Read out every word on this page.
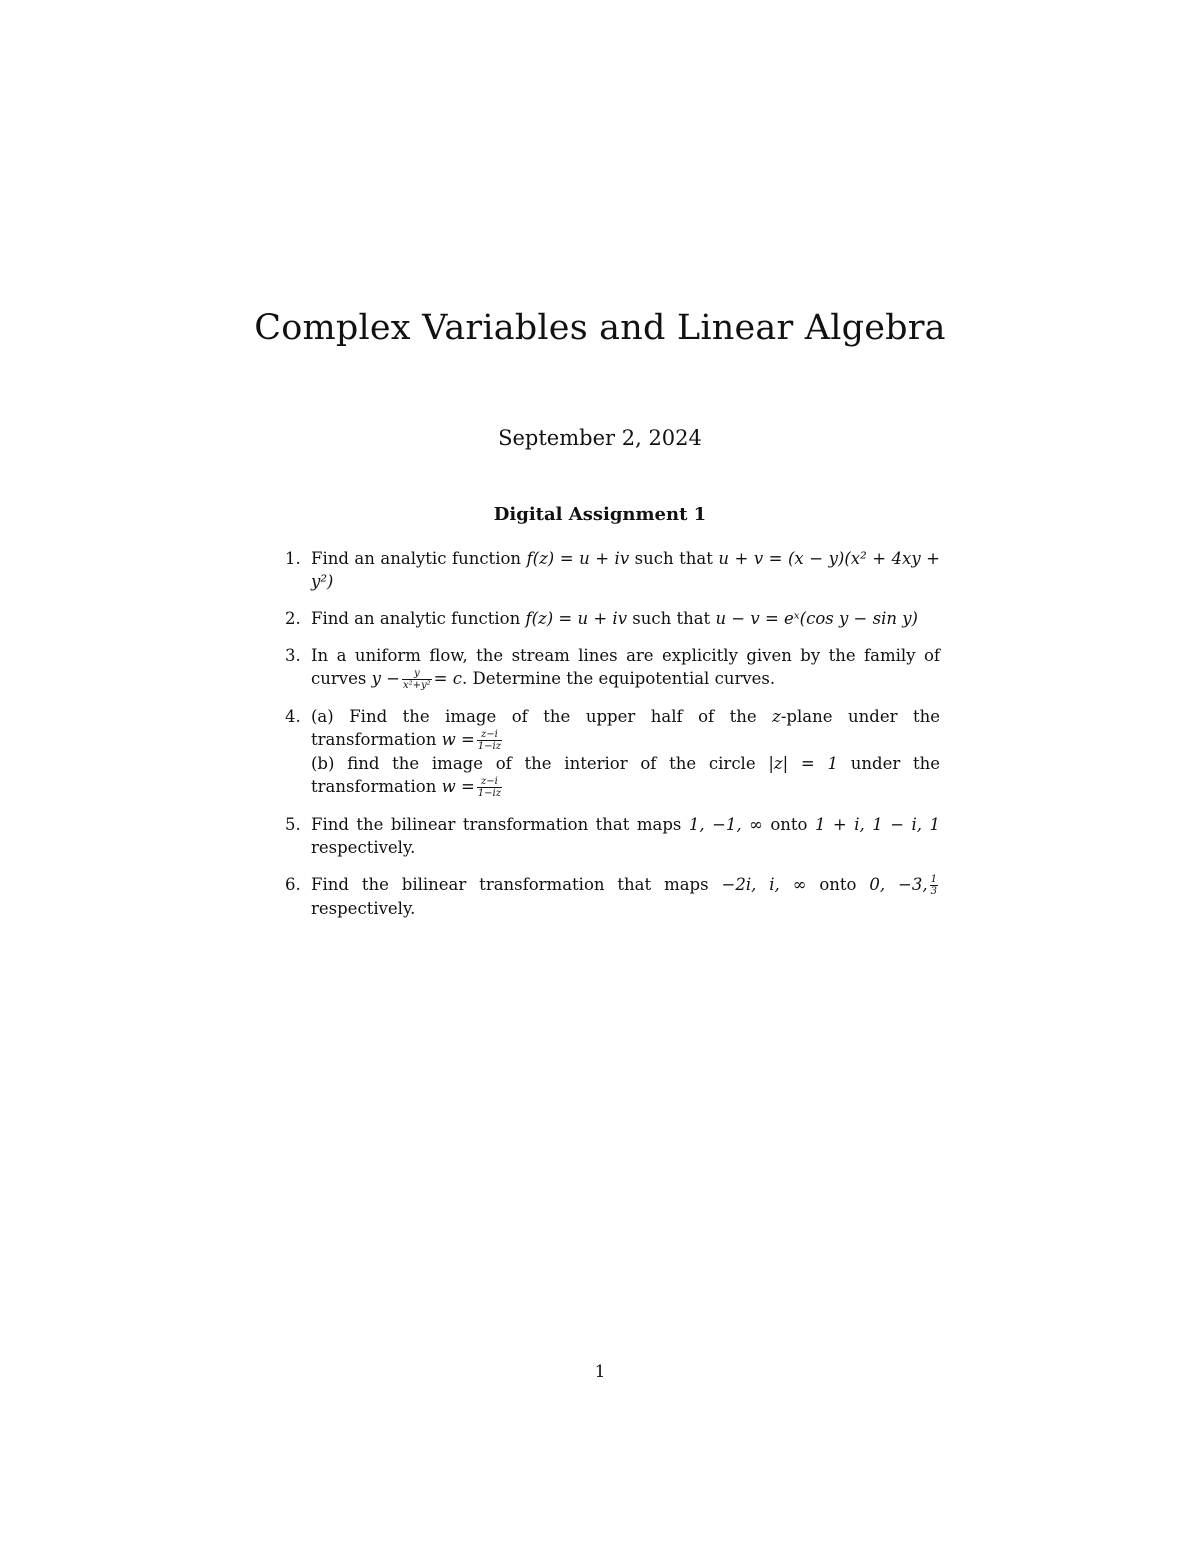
Complex Variables and Linear Algebra
September 2, 2024
Digital Assignment 1
1. Find an analytic function f(z) = u + iv such that u + v = (x − y)(x² + 4xy + y²)
2. Find an analytic function f(z) = u + iv such that u − v = eˣ(cos y − sin y)
3. In a uniform flow, the stream lines are explicitly given by the family of curves $y - \frac{y}{\text{x²+y²}} = c$. Determine the equipotential curves.
4. (a) Find the image of the upper half of the z-plane under the transformation $w = \frac{z-i}{1-iz}$

(b) find the image of the interior of the circle |z| = 1 under the transformation $w = \frac{z-i}{1-iz}$
5. Find the bilinear transformation that maps 1, −1, ∞ onto 1 + i, 1 − i, 1 respectively.
6. Find the bilinear transformation that maps −2i, i, ∞ onto 0, −3, $\frac{1}{3}$
respectively.
1
